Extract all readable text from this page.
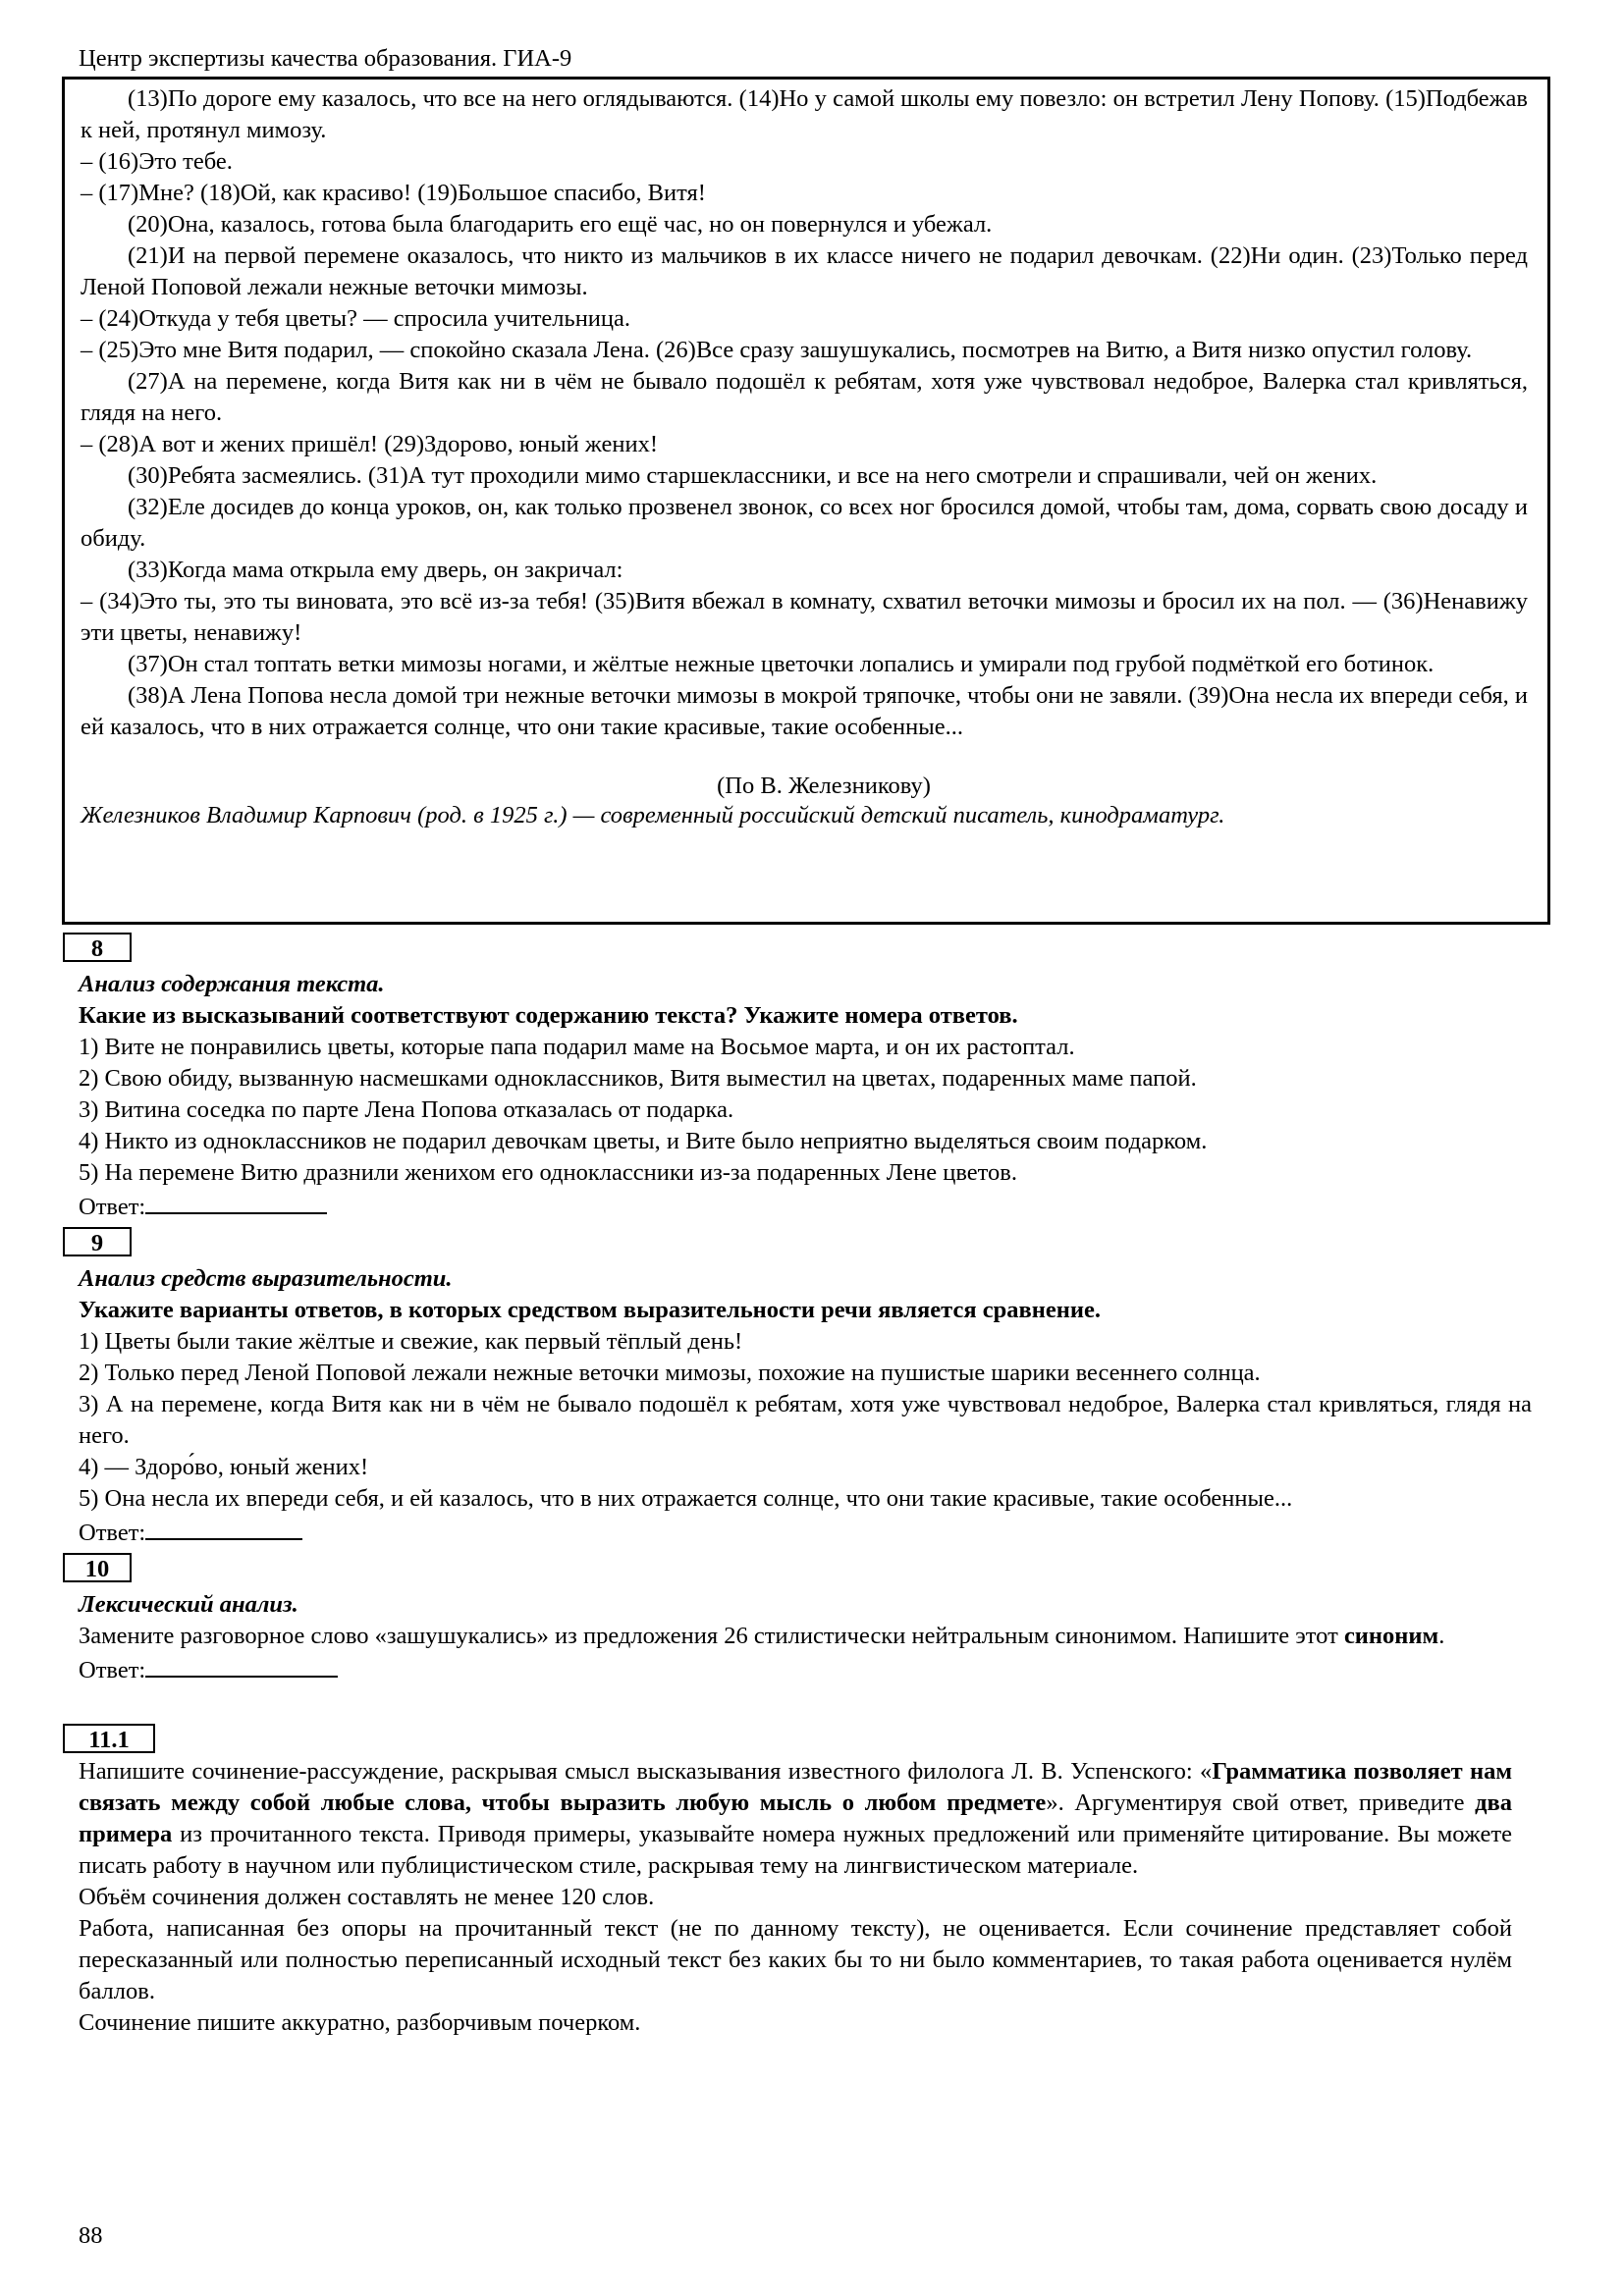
Центр экспертизы качества образования. ГИА-9

(13)По дороге ему казалось, что все на него оглядываются. (14)Но у самой школы ему повезло: он встретил Лену Попову. (15)Подбежав к ней, протянул мимозу.

– (16)Это тебе.

– (17)Мне? (18)Ой, как красиво! (19)Большое спасибо, Витя!

(20)Она, казалось, готова была благодарить его ещё час, но он повернулся и убежал.

(21)И на первой перемене оказалось, что никто из мальчиков в их классе ничего не подарил девочкам. (22)Ни один. (23)Только перед Леной Поповой лежали нежные веточки мимозы.

– (24)Откуда у тебя цветы? — спросила учительница.

– (25)Это мне Витя подарил, — спокойно сказала Лена. (26)Все сразу зашушукались, посмотрев на Витю, а Витя низко опустил голову.

(27)А на перемене, когда Витя как ни в чём не бывало подошёл к ребятам, хотя уже чувствовал недоброе, Валерка стал кривляться, глядя на него.

– (28)А вот и жених пришёл! (29)Здорово, юный жених!

(30)Ребята засмеялись. (31)А тут проходили мимо старшеклассники, и все на него смотрели и спрашивали, чей он жених.

(32)Еле досидев до конца уроков, он, как только прозвенел звонок, со всех ног бросился домой, чтобы там, дома, сорвать свою досаду и обиду.

(33)Когда мама открыла ему дверь, он закричал:

– (34)Это ты, это ты виновата, это всё из-за тебя! (35)Витя вбежал в комнату, схватил веточки мимозы и бросил их на пол. — (36)Ненавижу эти цветы, ненавижу!

(37)Он стал топтать ветки мимозы ногами, и жёлтые нежные цветочки лопались и умирали под грубой подмёткой его ботинок.

(38)А Лена Попова несла домой три нежные веточки мимозы в мокрой тряпочке, чтобы они не завяли. (39)Она несла их впереди себя, и ей казалось, что в них отражается солнце, что они такие красивые, такие особенные...

(По В. Железникову)
Железников Владимир Карпович (род. в 1925 г.) — современный российский детский писатель, кинодраматург.
8
Анализ содержания текста.
Какие из высказываний соответствуют содержанию текста? Укажите номера ответов.

1) Вите не понравились цветы, которые папа подарил маме на Восьмое марта, и он их растоптал.

2) Свою обиду, вызванную насмешками одноклассников, Витя выместил на цветах, подаренных маме папой.

3) Витина соседка по парте Лена Попова отказалась от подарка.

4) Никто из одноклассников не подарил девочкам цветы, и Вите было неприятно выделяться своим подарком.

5) На перемене Витю дразнили женихом его одноклассники из-за подаренных Лене цветов.

Ответ:
9
Анализ средств выразительности.
Укажите варианты ответов, в которых средством выразительности речи является сравнение.

1) Цветы были такие жёлтые и свежие, как первый тёплый день!

2) Только перед Леной Поповой лежали нежные веточки мимозы, похожие на пушистые шарики весеннего солнца.

3) А на перемене, когда Витя как ни в чём не бывало подошёл к ребятам, хотя уже чувствовал недоброе, Валерка стал кривляться, глядя на него.

4) — Здоро́во, юный жених!

5) Она несла их впереди себя, и ей казалось, что в них отражается солнце, что они такие красивые, такие особенные...

Ответ:
10
Лексический анализ.
Замените разговорное слово «зашушукались» из предложения 26 стилистически нейтральным синонимом. Напишите этот синоним.
Ответ:
11.1
Напишите сочинение-рассуждение, раскрывая смысл высказывания известного филолога Л. В. Успенского: «Грамматика позволяет нам связать между собой любые слова, чтобы выразить любую мысль о любом предмете». Аргументируя свой ответ, приведите два примера из прочитанного текста. Приводя примеры, указывайте номера нужных предложений или применяйте цитирование. Вы можете писать работу в научном или публицистическом стиле, раскрывая тему на лингвистическом материале.
Объём сочинения должен составлять не менее 120 слов.
Работа, написанная без опоры на прочитанный текст (не по данному тексту), не оценивается. Если сочинение представляет собой пересказанный или полностью переписанный исходный текст без каких бы то ни было комментариев, то такая работа оценивается нулём баллов.
Сочинение пишите аккуратно, разборчивым почерком.
88
